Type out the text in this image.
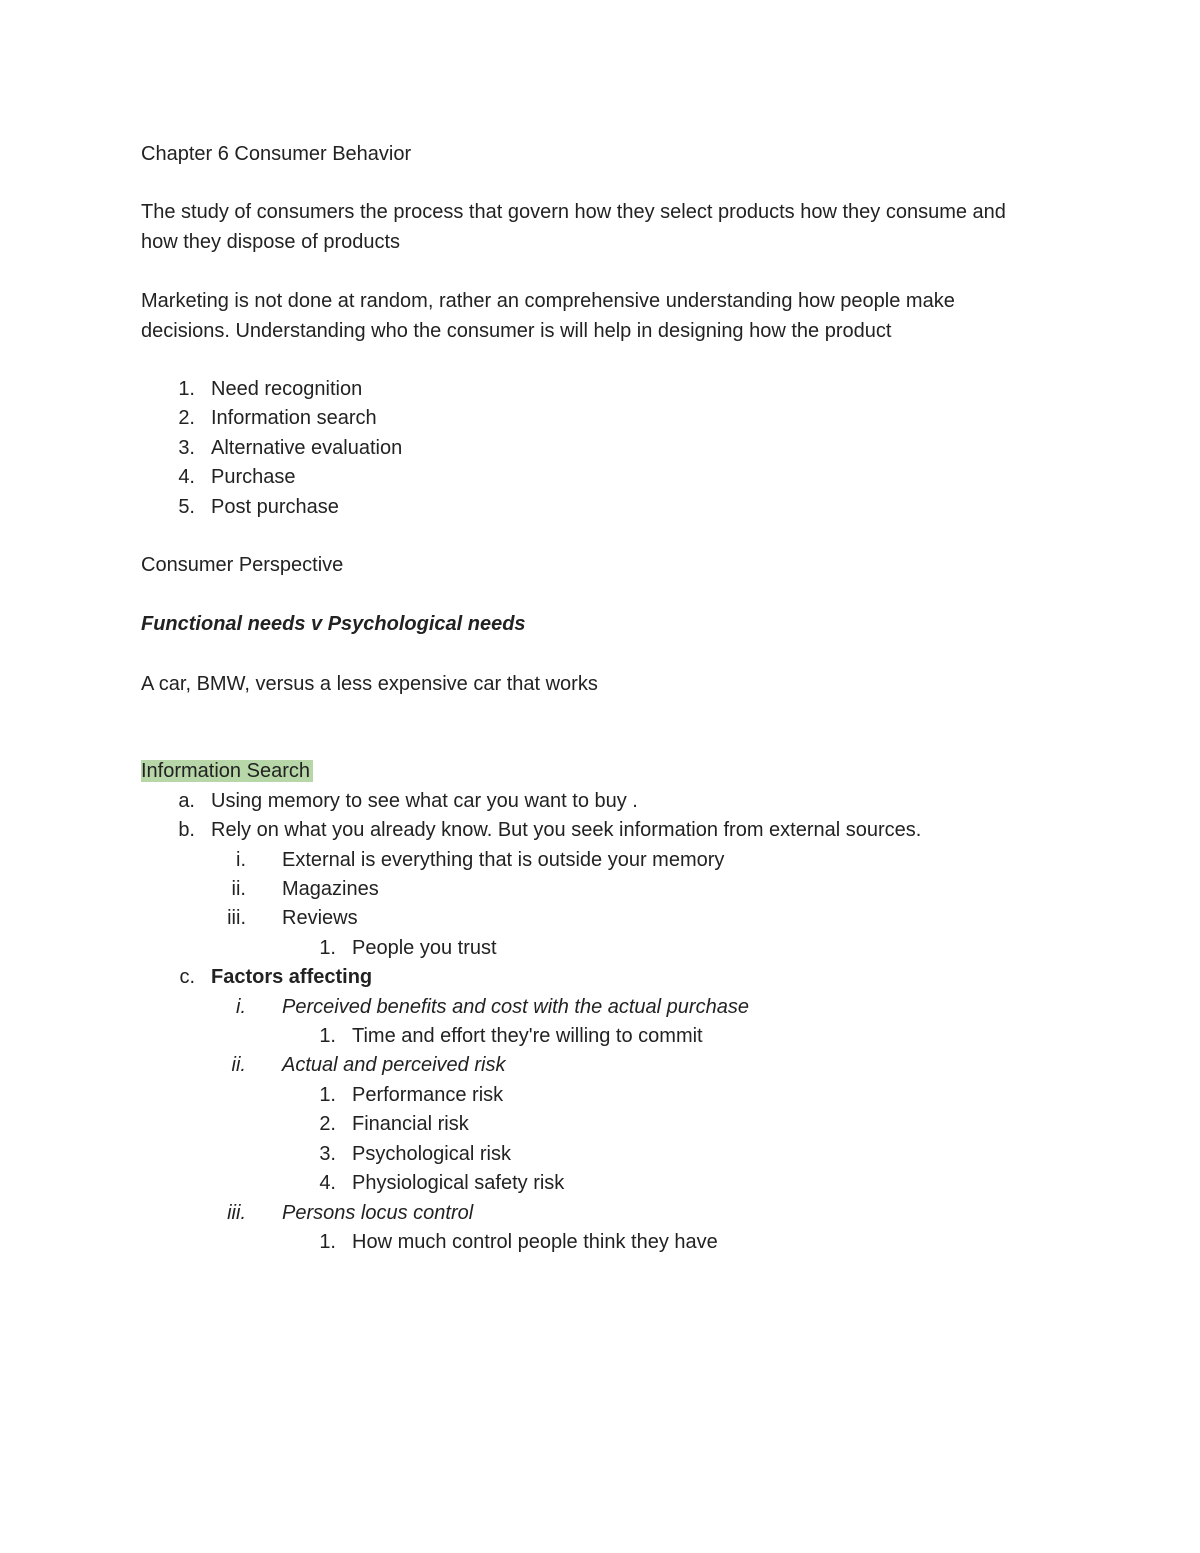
Chapter 6 Consumer Behavior

The study of consumers the process that govern how they select products how they consume and how they dispose of products

Marketing is not done at random, rather an comprehensive understanding how people make decisions. Understanding who the consumer is will help in designing how the product

1. Need recognition
2. Information search
3. Alternative evaluation
4. Purchase
5. Post purchase
Consumer Perspective
Functional needs v Psychological needs
A car, BMW, versus a less expensive car that works
Information Search
a. Using memory to see what car you want to buy .
b. Rely on what you already know. But you seek information from external sources.
i. External is everything that is outside your memory
ii. Magazines
iii. Reviews
1. People you trust
c. Factors affecting
i. Perceived benefits and cost with the actual purchase
1. Time and effort they're willing to commit
ii. Actual and perceived risk
1. Performance risk
2. Financial risk
3. Psychological risk
4. Physiological safety risk
iii. Persons locus control
1. How much control people think they have
